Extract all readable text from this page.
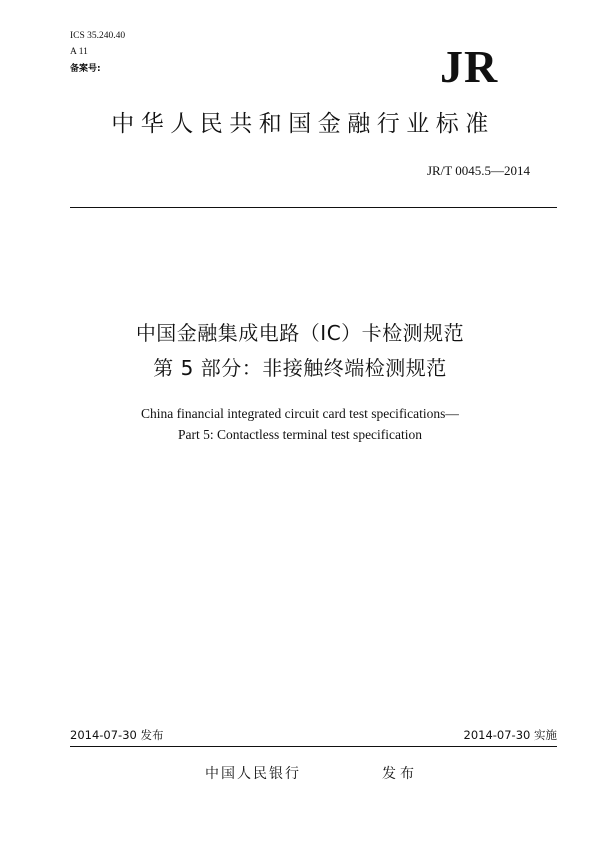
ICS 35.240.40
A 11
备案号:	JR
中华人民共和国金融行业标准
JR/T 0045.5—2014
中国金融集成电路（IC）卡检测规范
第 5 部分：非接触终端检测规范
China financial integrated circuit card test specifications—
Part 5: Contactless terminal test specification
2014-07-30 发布	2014-07-30 实施
中国人民银行	发布
